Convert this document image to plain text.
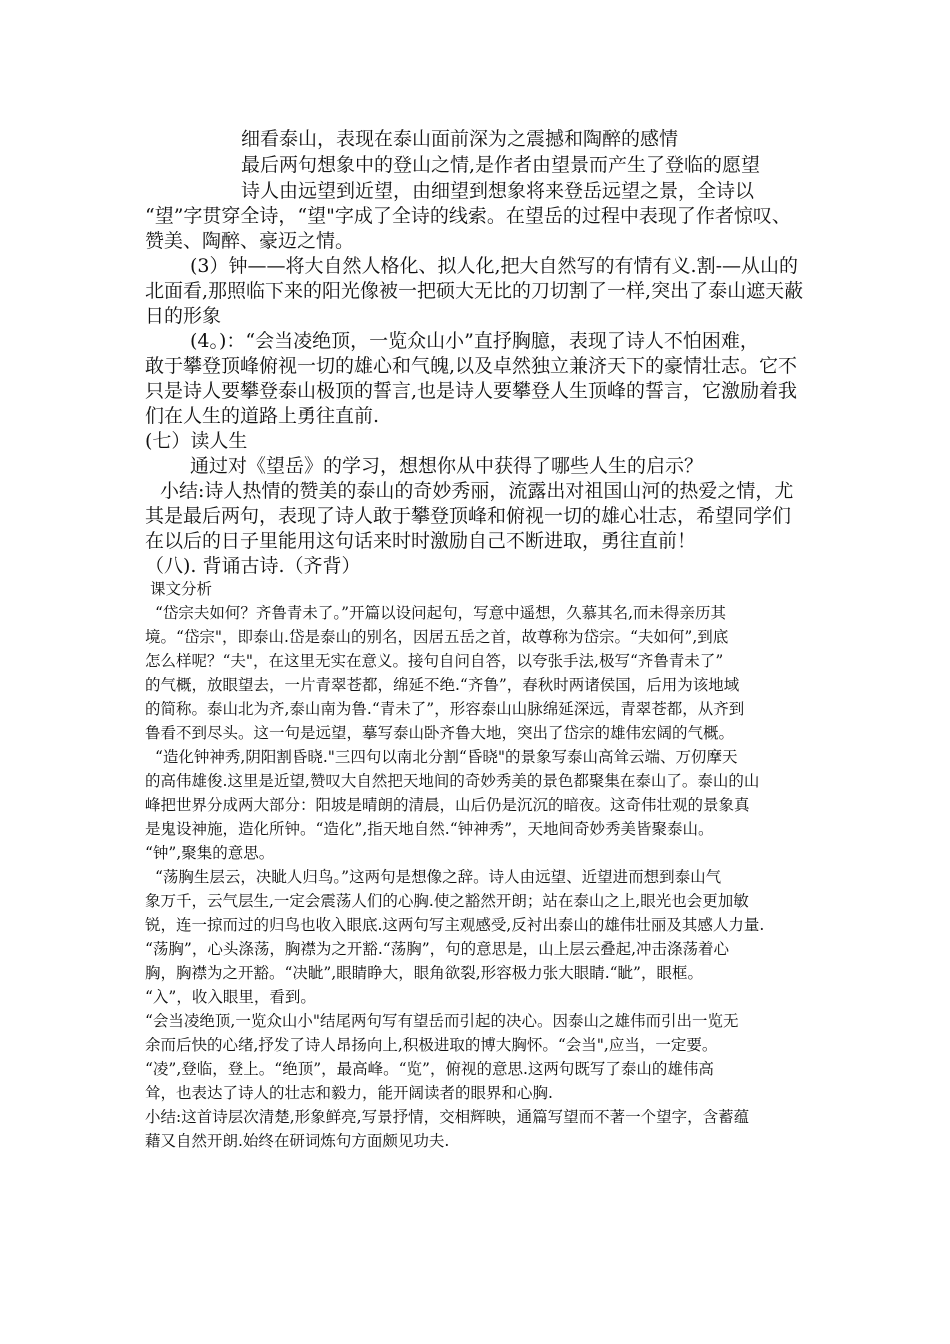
细看泰山，表现在泰山面前深为之震撼和陶醉的感情

最后两句想象中的登山之情,是作者由望景而产生了登临的愿望

诗人由远望到近望，由细望到想象将来登岳远望之景，全诗以

“望”字贯穿全诗，“望"字成了全诗的线索。在望岳的过程中表现了作者惊叹、

赞美、陶醉、豪迈之情。

(3）钟——将大自然人格化、拟人化,把大自然写的有情有义.割-—从山的

北面看,那照临下来的阳光像被一把硕大无比的刀切割了一样,突出了泰山遮天蔽

日的形象

(4。)：“会当凌绝顶，一览众山小”直抒胸臆，表现了诗人不怕困难，

敢于攀登顶峰俯视一切的雄心和气魄,以及卓然独立兼济天下的豪情壮志。它不

只是诗人要攀登泰山极顶的誓言,也是诗人要攀登人生顶峰的誓言，它激励着我

们在人生的道路上勇往直前.

(七）读人生

通过对《望岳》的学习，想想你从中获得了哪些人生的启示？

小结:诗人热情的赞美的泰山的奇妙秀丽，流露出对祖国山河的热爱之情，尤

其是最后两句，表现了诗人敢于攀登顶峰和俯视一切的雄心壮志，希望同学们

在以后的日子里能用这句话来时时激励自己不断进取，勇往直前！

（八). 背诵古诗.（齐背）

课文分析

“岱宗夫如何？齐鲁青未了。”开篇以设问起句，写意中遥想，久慕其名,而未得亲历其

境。“岱宗"，即泰山.岱是泰山的别名，因居五岳之首，故尊称为岱宗。“夫如何”,到底

怎么样呢？“夫"，在这里无实在意义。接句自问自答，以夸张手法,极写“齐鲁青未了”

的气概，放眼望去，一片青翠苍都，绵延不绝.“齐鲁”，春秋时两诸侯国，后用为该地域

的简称。泰山北为齐,泰山南为鲁.“青未了”，形容泰山山脉绵延深远，青翠苍都，从齐到

鲁看不到尽头。这一句是远望，摹写泰山卧齐鲁大地，突出了岱宗的雄伟宏阔的气概。

“造化钟神秀,阴阳割昏晓."三四句以南北分割“昏晓"的景象写泰山高耸云端、万仞摩天

的高伟雄俊.这里是近望,赞叹大自然把天地间的奇妙秀美的景色都聚集在泰山了。泰山的山

峰把世界分成两大部分：阳坡是晴朗的清晨，山后仍是沉沉的暗夜。这奇伟壮观的景象真

是鬼设神施，造化所钟。“造化”,指天地自然.“钟神秀”，天地间奇妙秀美皆聚泰山。

“钟”,聚集的意思。

“荡胸生层云，决眦人归鸟。”这两句是想像之辞。诗人由远望、近望进而想到泰山气

象万千，云气层生,一定会震荡人们的心胸.使之豁然开朗；站在泰山之上,眼光也会更加敏

锐，连一掠而过的归鸟也收入眼底.这两句写主观感受,反衬出泰山的雄伟壮丽及其感人力量.

“荡胸”，心头涤荡，胸襟为之开豁.“荡胸”，句的意思是，山上层云叠起,冲击涤荡着心

胸，胸襟为之开豁。“决眦”,眼睛睁大，眼角欲裂,形容极力张大眼睛.“眦”，眼框。

“入”，收入眼里，看到。

“会当凌绝顶,一览众山小"结尾两句写有望岳而引起的决心。因泰山之雄伟而引出一览无

余而后快的心绪,抒发了诗人昂扬向上,积极进取的博大胸怀。“会当",应当，一定要。

“凌”,登临，登上。“绝顶”，最高峰。“览”，俯视的意思.这两句既写了泰山的雄伟高

耸，也表达了诗人的壮志和毅力，能开阔读者的眼界和心胸.

小结:这首诗层次清楚,形象鲜亮,写景抒情，交相辉映，通篇写望而不著一个望字，含蓄蕴

藉又自然开朗.始终在研词炼句方面颇见功夫.
